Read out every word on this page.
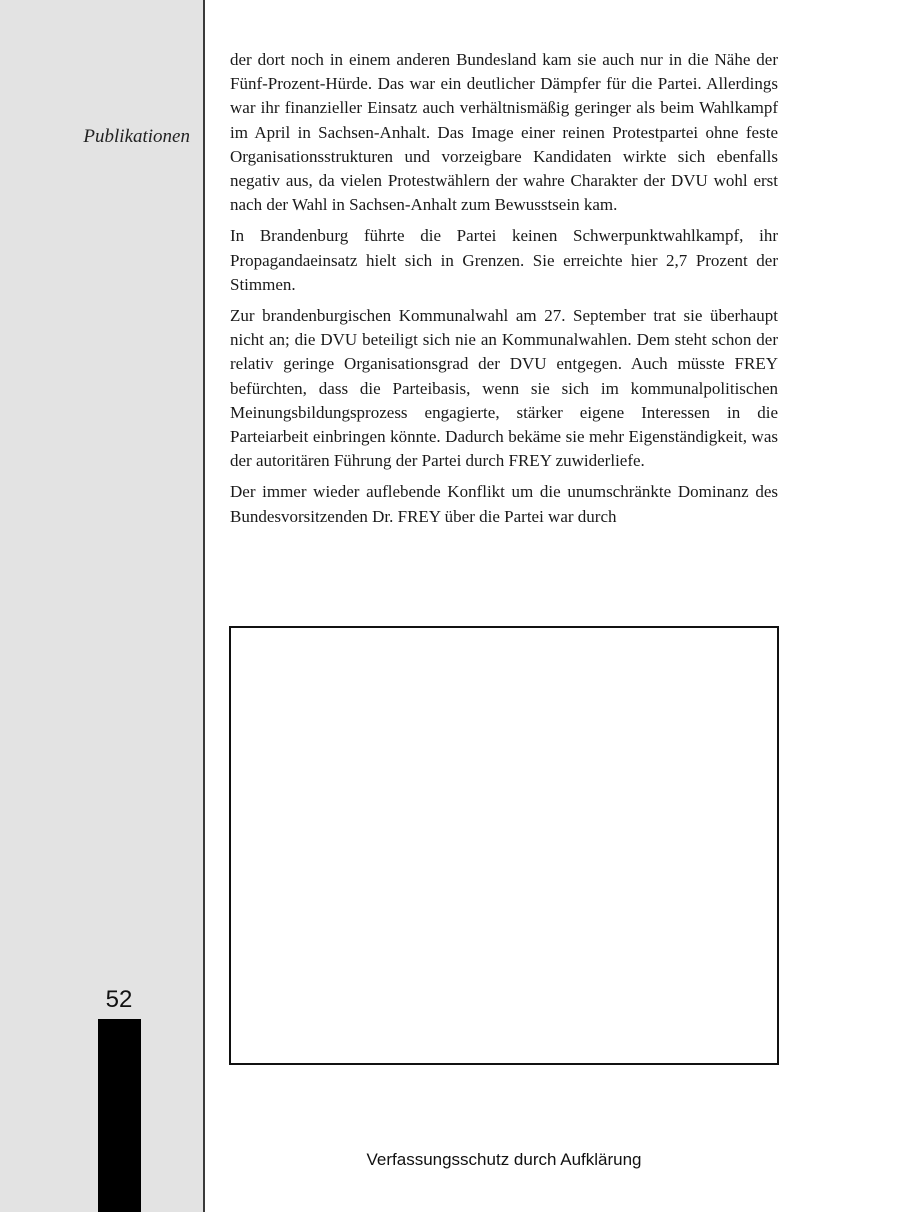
Publikationen
52

der dort noch in einem anderen Bundesland kam sie auch nur in die Nähe der Fünf-Prozent-Hürde. Das war ein deutlicher Dämpfer für die Partei. Allerdings war ihr finanzieller Einsatz auch verhältnismäßig geringer als beim Wahlkampf im April in Sachsen-Anhalt. Das Image einer reinen Protestpartei ohne feste Organisationsstrukturen und vorzeigbare Kandidaten wirkte sich ebenfalls negativ aus, da vielen Protestwählern der wahre Charakter der DVU wohl erst nach der Wahl in Sachsen-Anhalt zum Bewusstsein kam.

In Brandenburg führte die Partei keinen Schwerpunktwahlkampf, ihr Propagandaeinsatz hielt sich in Grenzen. Sie erreichte hier 2,7 Prozent der Stimmen.

Zur brandenburgischen Kommunalwahl am 27. September trat sie überhaupt nicht an; die DVU beteiligt sich nie an Kommunalwahlen. Dem steht schon der relativ geringe Organisationsgrad der DVU entgegen. Auch müsste FREY befürchten, dass die Parteibasis, wenn sie sich im kommunalpolitischen Meinungsbildungsprozess engagierte, stärker eigene Interessen in die Parteiarbeit einbringen könnte. Dadurch bekäme sie mehr Eigenständigkeit, was der autoritären Führung der Partei durch FREY zuwiderliefe.

Der immer wieder auflebende Konflikt um die unumschränkte Dominanz des Bundesvorsitzenden Dr. FREY über die Partei war durch

Verfassungsschutz durch Aufklärung
